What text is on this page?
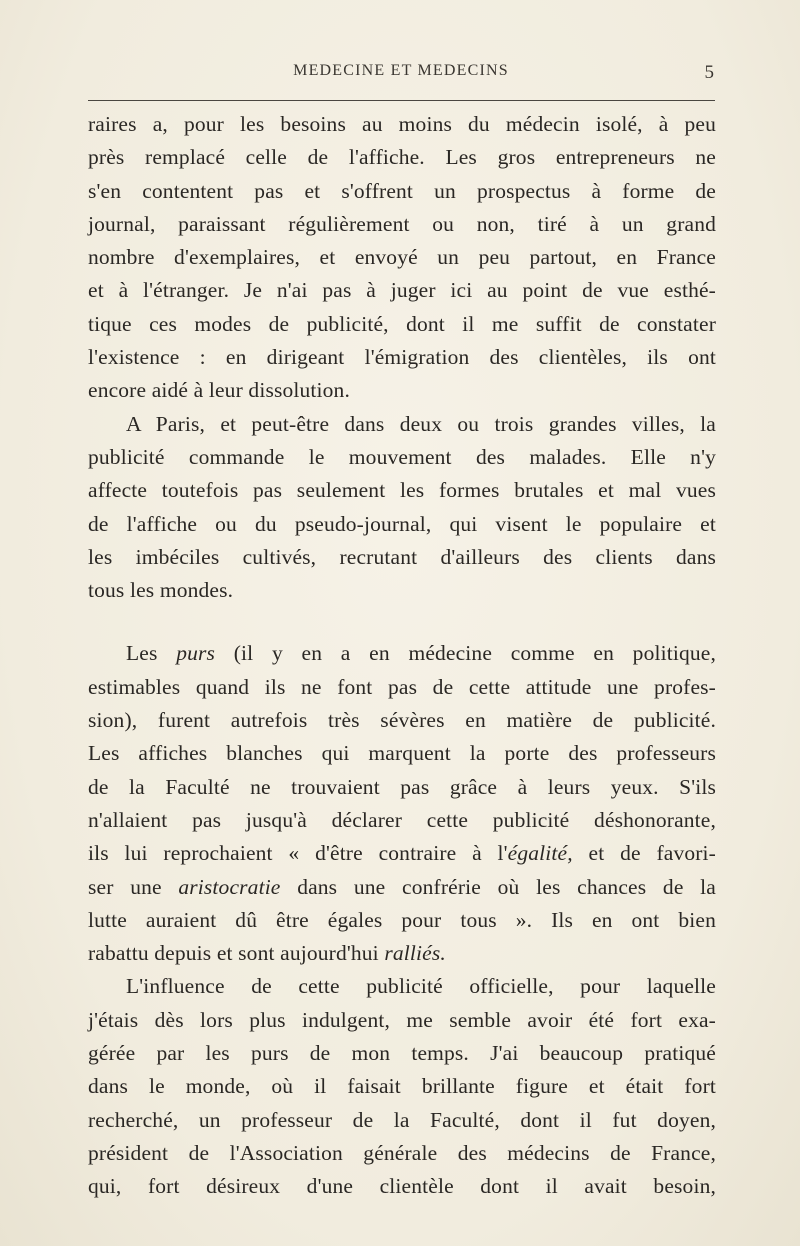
MEDECINE ET MEDECINS	5
raires a, pour les besoins au moins du médecin isolé, à peu
près remplacé celle de l'affiche. Les gros entrepreneurs ne
s'en contentent pas et s'offrent un prospectus à forme de
journal, paraissant régulièrement ou non, tiré à un grand
nombre d'exemplaires, et envoyé un peu partout, en France
et à l'étranger. Je n'ai pas à juger ici au point de vue esthé-
tique ces modes de publicité, dont il me suffit de constater
l'existence : en dirigeant l'émigration des clientèles, ils ont
encore aidé à leur dissolution.
A Paris, et peut-être dans deux ou trois grandes villes, la
publicité commande le mouvement des malades. Elle n'y
affecte toutefois pas seulement les formes brutales et mal vues
de l'affiche ou du pseudo-journal, qui visent le populaire et
les imbéciles cultivés, recrutant d'ailleurs des clients dans
tous les mondes.
Les purs (il y en a en médecine comme en politique,
estimables quand ils ne font pas de cette attitude une profes-
sion), furent autrefois très sévères en matière de publicité.
Les affiches blanches qui marquent la porte des professeurs
de la Faculté ne trouvaient pas grâce à leurs yeux. S'ils
n'allaient pas jusqu'à déclarer cette publicité déshonorante,
ils lui reprochaient « d'être contraire à l'égalité, et de favori-
ser une aristocratie dans une confrérie où les chances de la
lutte auraient dû être égales pour tous ». Ils en ont bien
rabattu depuis et sont aujourd'hui ralliés.
L'influence de cette publicité officielle, pour laquelle
j'étais dès lors plus indulgent, me semble avoir été fort exa-
gérée par les purs de mon temps. J'ai beaucoup pratiqué
dans le monde, où il faisait brillante figure et était fort
recherché, un professeur de la Faculté, dont il fut doyen,
président de l'Association générale des médecins de France,
qui, fort désireux d'une clientèle dont il avait besoin,
